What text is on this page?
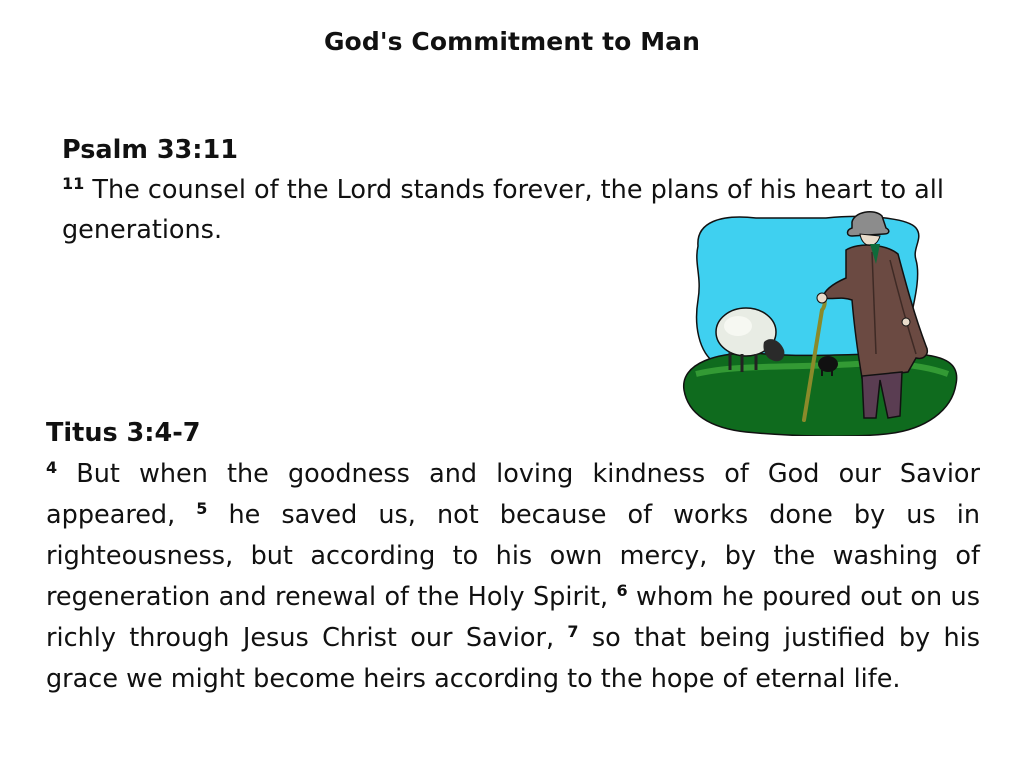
God's Commitment to Man
Psalm 33:11
$^{11}$ The counsel of the Lord stands forever, the plans of his heart to all generations.
Titus 3:4-7
$^4$ But when the goodness and loving kindness of God our Savior appeared, $^5$ he saved us, not because of works done by us in righteousness, but according to his own mercy, by the washing of regeneration and renewal of the Holy Spirit, $^6$ whom he poured out on us richly through Jesus Christ our Savior, $^7$ so that being justified by his grace we might become heirs according to the hope of eternal life.
